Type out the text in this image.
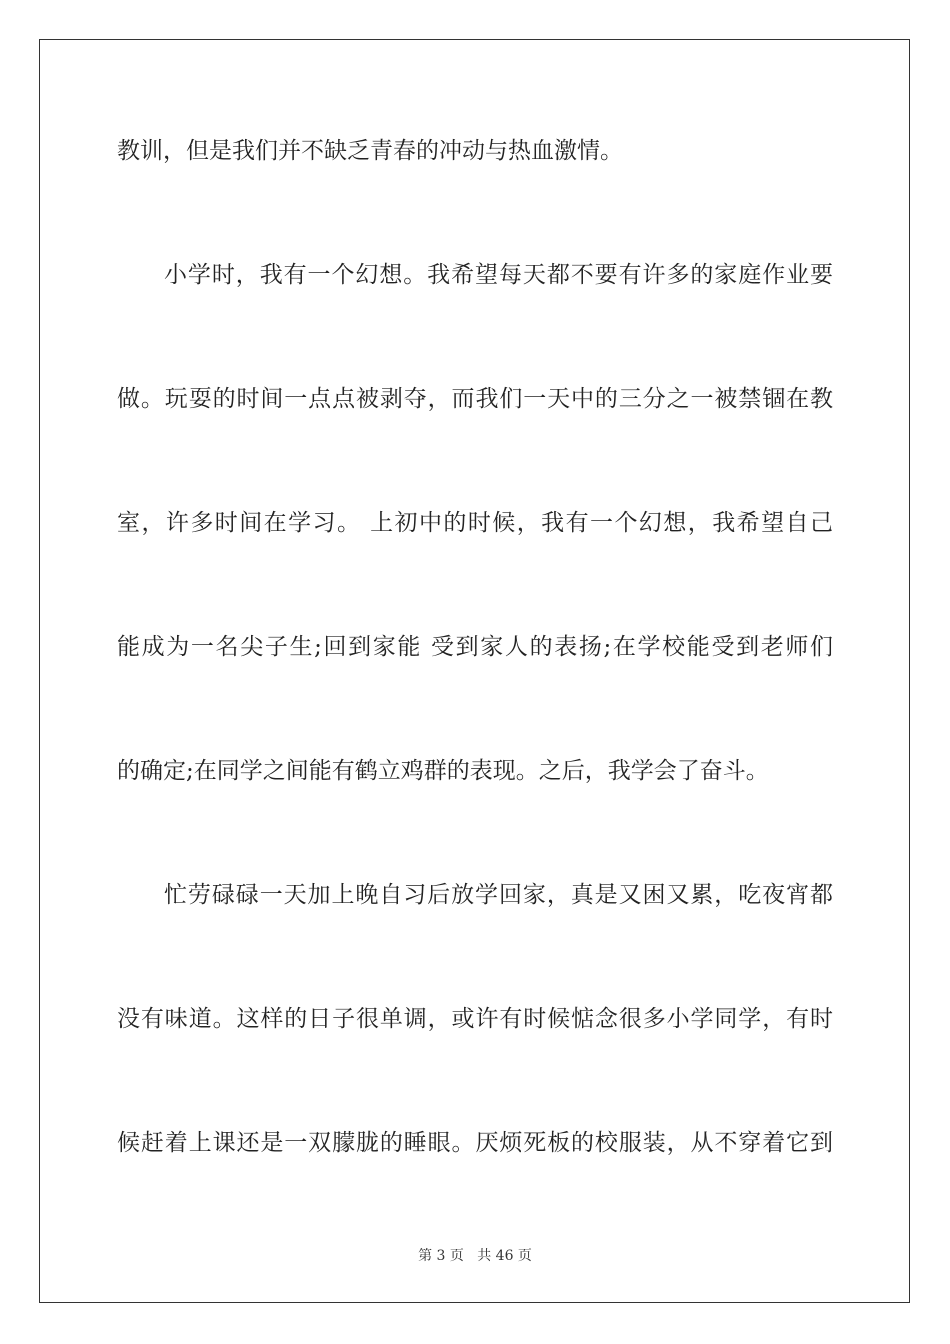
教训，但是我们并不缺乏青春的冲动与热血激情。
小学时，我有一个幻想。我希望每天都不要有许多的家庭作业要
做。玩耍的时间一点点被剥夺，而我们一天中的三分之一被禁锢在教
室，许多时间在学习。 上初中的时候，我有一个幻想，我希望自己
能成为一名尖子生;回到家能 受到家人的表扬;在学校能受到老师们
的确定;在同学之间能有鹤立鸡群的表现。之后，我学会了奋斗。
忙劳碌碌一天加上晚自习后放学回家，真是又困又累，吃夜宵都
没有味道。这样的日子很单调，或许有时候惦念很多小学同学，有时
候赶着上课还是一双朦胧的睡眼。厌烦死板的校服装，从不穿着它到
第 3 页   共 46 页
